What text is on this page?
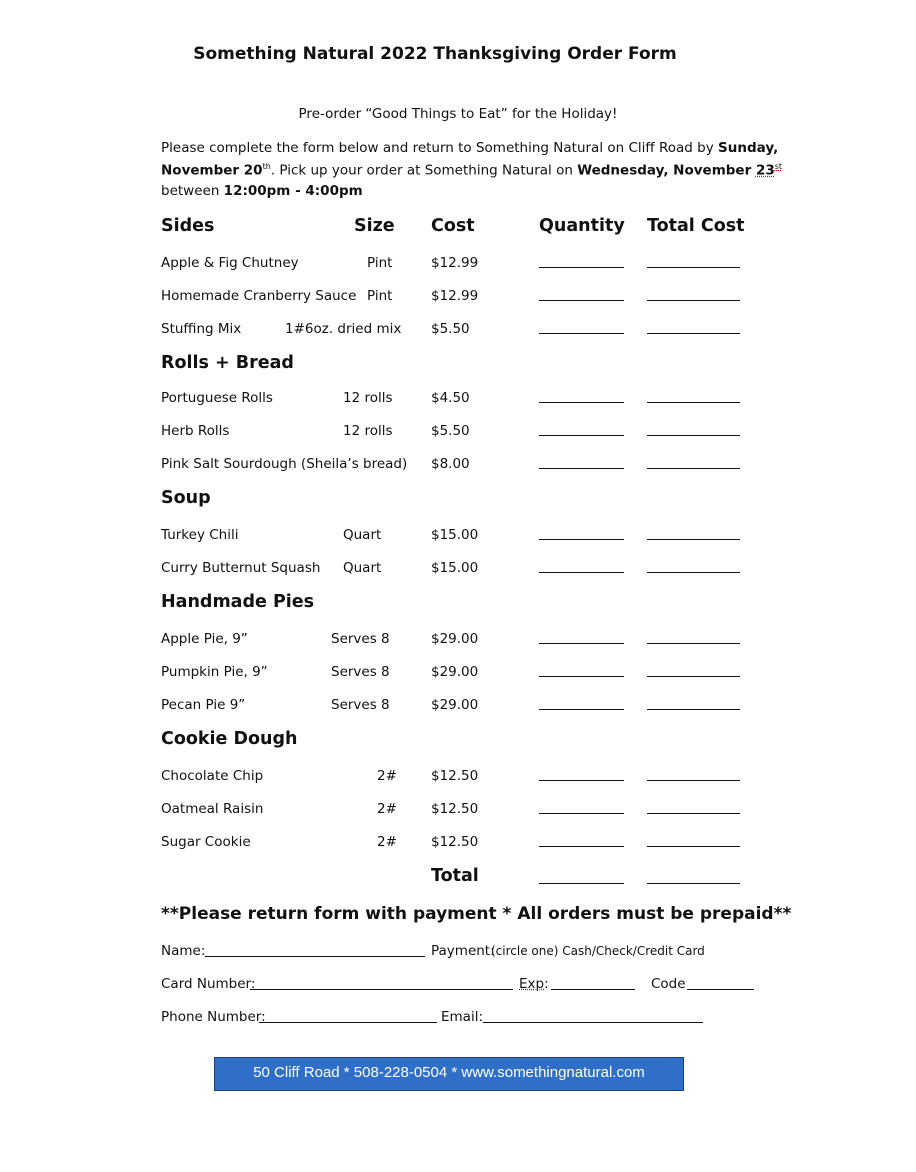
Something Natural 2022 Thanksgiving Order Form
Pre-order “Good Things to Eat” for the Holiday!
Please complete the form below and return to Something Natural on Cliff Road by Sunday,
November 20th. Pick up your order at Something Natural on Wednesday, November 23st
between 12:00pm - 4:00pm
Sides	Size Cost	Quantity Total Cost
Apple & Fig Chutney	Pint	$12.99
Homemade Cranberry Sauce Pint	$12.99
Stuffing Mix	1#6oz. dried mix $5.50
Rolls + Bread
Portuguese Rolls	12 rolls	$4.50
Herb Rolls	12 rolls	$5.50
Pink Salt Sourdough (Sheila’s bread) $8.00
Soup
Turkey Chili	Quart	$15.00
Curry Butternut Squash Quart	$15.00
Handmade Pies
Apple Pie, 9”	Serves 8	$29.00
Pumpkin Pie, 9”	Serves 8	$29.00
Pecan Pie 9”	Serves 8	$29.00
Cookie Dough
Chocolate Chip	2#	$12.50
Oatmeal Raisin	2#	$12.50
Sugar Cookie	2#	$12.50
Total
**Please return form with payment * All orders must be prepaid**
Name:	Payment:
(circle one) Cash/Check/Credit Card
Card Number:	Exp:	Code
Phone Number:	Email:
50 Cliff Road * 508-228-0504 * www.somethingnatural.com
